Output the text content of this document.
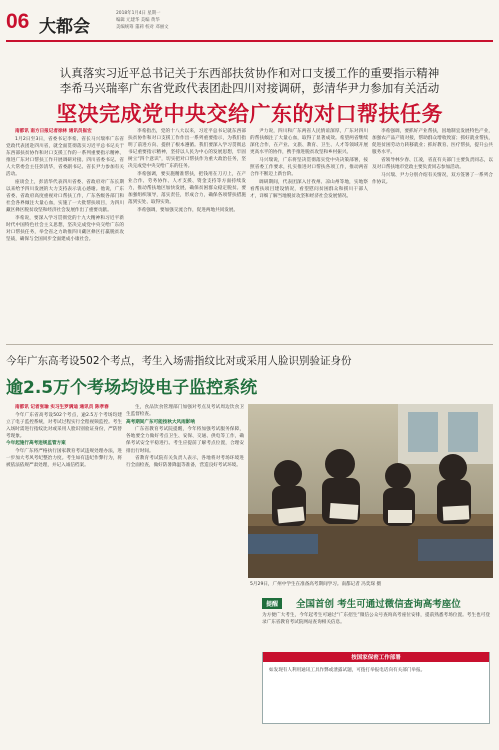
06 大都会
2018年1月4日 星期一
编辑 元建华 美编 黄华
美编统筹 董莉 校对 邓丽文
认真落实习近平总书记关于东西部扶贫协作和对口支援工作的重要指示精神
李希马兴瑞率广东省党政代表团赴四川对接调研，彭清华尹力参加有关活动
坚决完成党中央交给广东的对口帮扶任务

南都讯 南方日报记者徐林 通讯员崔宏

1月2日至3日，省委书记李希、省长马兴瑞率广东省党政代表团赴四川省，就全面贯彻落实习近平总书记关于东西部扶贫协作和对口支援工作的一系列重要指示精神、推进广东对口帮扶工作开展调研对接。四川省委书记、省人大常委会主任彭清华，省委副书记、省长尹力参加有关活动。

座谈会上，彭清华代表四川省委、省政府对广东长期以来给予四川发展的大力支持表示衷心感谢。他说，广东省委、省政府高度重视对口帮扶工作，广东各级各部门和社会各界倾注大量心血，实施了一大批帮扶项目，为四川藏区彝区脱贫攻坚和经济社会发展作出了重要贡献。

李希说，要深入学习贯彻党的十九大精神和习近平新时代中国特色社会主义思想，坚决完成党中央交给广东的对口帮扶任务，举全省之力助推四川藏区彝区打赢脱贫攻坚战，确保与全国同步全面建成小康社会。

李希指出，党的十八大以来，习近平总书记就东西部扶贫协作和对口支援工作作出一系列重要指示，为我们指明了前进方向、提供了根本遵循。我们要深入学习贯彻总书记重要指示精神，坚持以人民为中心的发展思想，牢固树立“四个意识”，切实把对口帮扶作为重大政治任务，坚决完成党中央交给广东的任务。

李希强调，要实施精准帮扶，把钱用在刀刃上，在产业合作、劳务协作、人才支援、资金支持等方面持续发力，推动帮扶地区加快发展，确保贫困群众稳定脱贫。要加强组织领导，落实责任，形成合力，确保各项帮扶措施落到实处、取得实效。

李希强调，要加强交流合作，促进两地共同发展。

尹力说，四川和广东两省人民情谊深厚，广东对四川的帮扶倾注了大量心血，取得了显著成效。希望两省继续深化合作，在产业、文旅、教育、卫生、人才等领域开展更高水平的协作，携手推进脱贫攻坚和乡村振兴。

马兴瑞说，广东将坚决贯彻落实党中央决策部署，按照省委工作要求，扎实推进对口帮扶各项工作，推动两省合作不断迈上新台阶。

调研期间，代表团深入甘孜州、凉山州等地，实地察看帮扶项目建设情况，看望慰问贫困群众和援川干部人才，详细了解当地脱贫攻坚和经济社会发展情况。

李希强调，要抓好产业帮扶，因地制宜发展特色产业，加强农产品产销对接，帮助群众增收致富；抓好就业帮扶，促进贫困劳动力转移就业；抓好教育、医疗帮扶，提升公共服务水平。

省领导林少春、江凌，省直有关部门主要负责同志，以及对口帮扶地市党政主要负责同志参加活动。

马兴瑞、尹力分别介绍有关情况，双方签署了一系列合作协议。

今年广东高考设502个考点，考生入场需指纹比对或采用人脸识别验证身份
逾2.5万个考场均设电子监控系统

南都讯 记者张瑜 实习生罗满迪 通讯员 陈孝春

今年广东省高考设502个考点，逾2.5万个考场均建立了电子监控系统，对考试过程实行全程视频监控。考生入场时需进行指纹比对或采用人脸识别验证身份，严防替考现象。

今年起施行高考违规监管方案

今年广东将严格执行国家教育考试违规处理办法，进一步加大考风考纪整治力度。考生如有违纪作弊行为，将被依法依规严肃处理，并记入诚信档案。

生，食品饮食管理部门加强对考点及考试周边饮食卫生监督检查。

高考期间广东可能按秋大风雨影响

广东省教育考试院提醒，今年将加强考试服务保障，各地要全力做好考点卫生、安保、交通、供电等工作，确保考试安全平稳进行。考生应提前了解考点位置，合理安排出行时间。

省教育考试院有关负责人表示，各地将对考场环境进行全面检查，做好防暑降温等准备，营造良好考试环境。

5月29日，广州中学生在准备高考期间学习。南都记者 冯奕琛 摄
提醒	全国首创 考生可通过微信查询高考座位
为方便广大考生，今年起考生可通过“广东招生”微信公众号查询高考座位安排，提前熟悉考场位置。考生也可登录广东省教育考试院网站查询相关信息。
按国家保密工作部署
如发现有人利用通讯工具作弊或泄露试题，可拨打举报电话向有关部门举报。
